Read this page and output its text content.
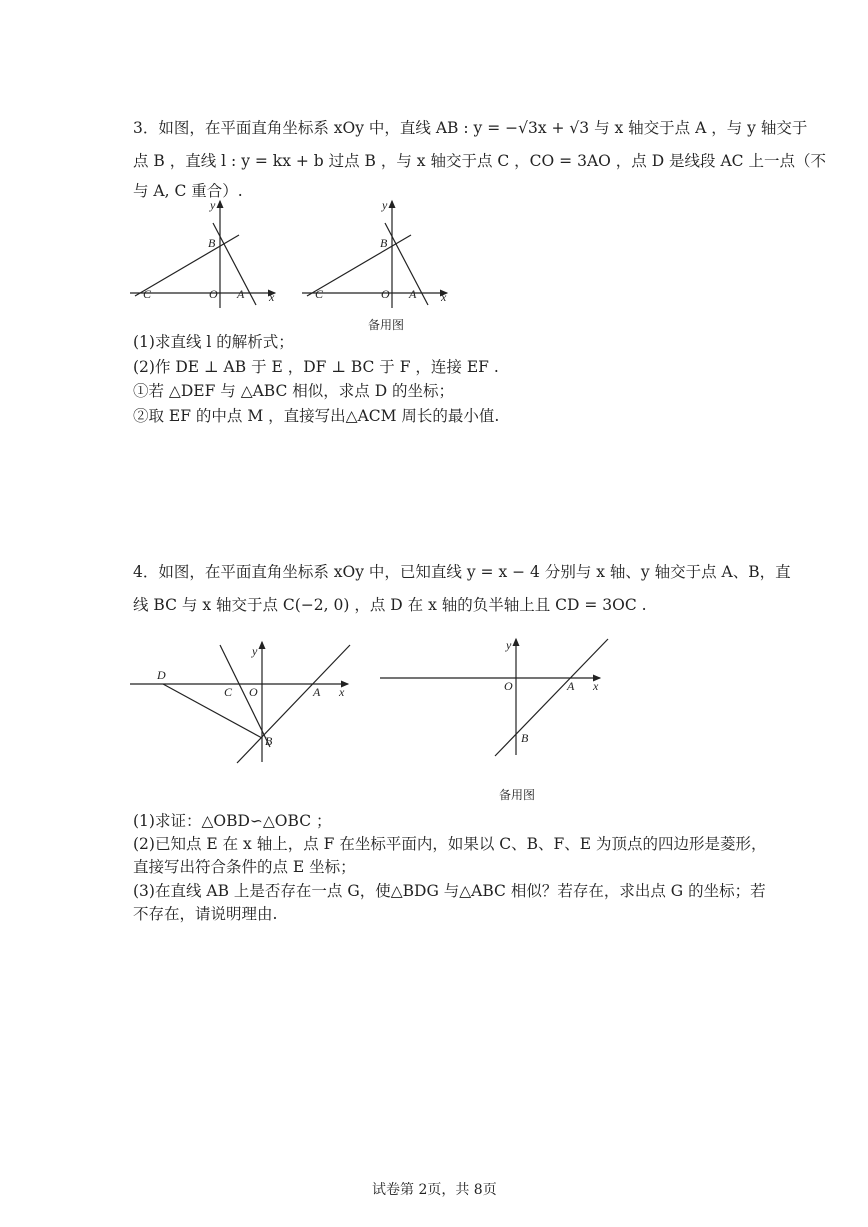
3．如图，在平面直角坐标系 xOy 中，直线 AB : y = −√3x + √3 与 x 轴交于点 A ，与 y 轴交于
点 B ，直线 l : y = kx + b 过点 B ，与 x 轴交于点 C ，CO = 3AO ，点 D 是线段 AC 上一点（不
与 A, C 重合）.
y
x
B
C	O A
y
x
B
C	O A
备用图
(1)求直线 l 的解析式；
(2)作 DE ⊥ AB 于 E ，DF ⊥ BC 于 F ，连接 EF .
①若 △DEF 与 △ABC 相似，求点 D 的坐标；
②取 EF 的中点 M ，直接写出△ACM 周长的最小值.
4．如图，在平面直角坐标系 xOy 中，已知直线 y = x − 4 分别与 x 轴、y 轴交于点 A、B，直
线 BC 与 x 轴交于点 C(−2, 0) ，点 D 在 x 轴的负半轴上且 CD = 3OC .
y
x
D
C O	A
B
y
x
O	A
B
备用图
(1)求证：△OBD∽△OBC ；
(2)已知点 E 在 x 轴上，点 F 在坐标平面内，如果以 C、B、F、E 为顶点的四边形是菱形，
直接写出符合条件的点 E 坐标；
(3)在直线 AB 上是否存在一点 G，使△BDG 与△ABC 相似？若存在，求出点 G 的坐标；若
不存在，请说明理由.
试卷第 2页，共 8页
